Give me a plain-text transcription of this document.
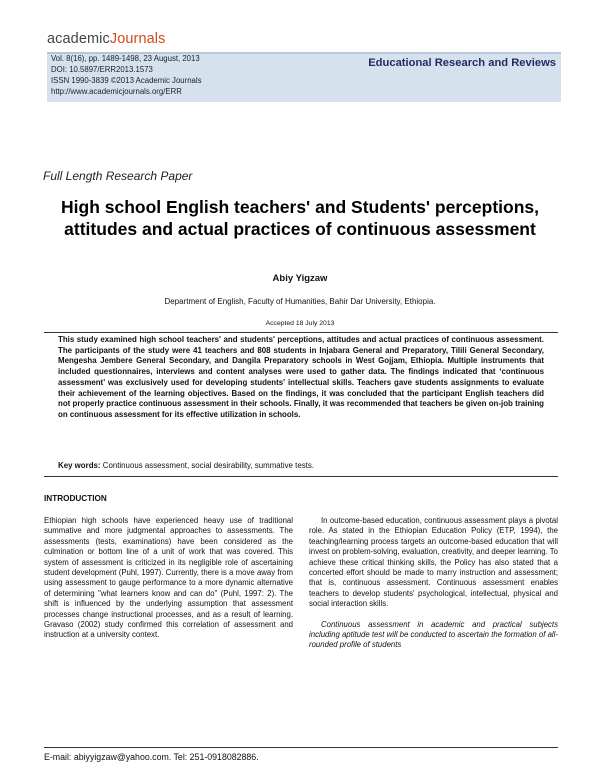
academicJournals
Vol. 8(16), pp. 1489-1498, 23 August, 2013
DOI: 10.5897/ERR2013.1573
ISSN 1990-3839 ©2013 Academic Journals
http://www.academicjournals.org/ERR
Educational Research and Reviews
Full Length Research Paper
High school English teachers' and Students' perceptions, attitudes and actual practices of continuous assessment
Abiy Yigzaw
Department of English, Faculty of Humanities, Bahir Dar University, Ethiopia.
Accepted 18 July 2013
This study examined high school teachers' and students' perceptions, attitudes and actual practices of continuous assessment. The participants of the study were 41 teachers and 808 students in Injabara General and Preparatory, Tilili General Secondary, Mengesha Jembere General Secondary, and Dangila Preparatory schools in West Gojjam, Ethiopia. Multiple instruments that included questionnaires, interviews and content analyses were used to gather data. The findings indicated that ‘continuous assessment’ was exclusively used for developing students' intellectual skills. Teachers gave students assignments to evaluate their achievement of the learning objectives. Based on the findings, it was concluded that the participant English teachers did not properly practice continuous assessment in their schools. Finally, it was recommended that teachers be given on-job training on continuous assessment for its effective utilization in schools.
Key words: Continuous assessment, social desirability, summative tests.
INTRODUCTION

Ethiopian high schools have experienced heavy use of traditional summative and more judgmental approaches to assessments. The assessments (tests, examinations) have been considered as the culmination or bottom line of a unit of work that was covered. This system of assessment is criticized in its negligible role of ascertaining student development (Puhl, 1997). Currently, there is a move away from using assessment to gauge performance to a more dynamic alternative of determining "what learners know and can do" (Puhl, 1997: 2). The shift is influenced by the underlying assumption that assessment processes change instructional processes, and as a result of learning. Gravaso (2002) study confirmed this correlation of assessment and instruction at a university context.

In outcome-based education, continuous assessment plays a pivotal role. As stated in the Ethiopian Education Policy (ETP, 1994), the teaching/learning process targets an outcome-based education that will invest on problem-solving, evaluation, creativity, and deeper learning. To achieve these critical thinking skills, the Policy has also stated that a concerted effort should be made to marry instruction and assessment; that is, continuous assessment. Continuous assessment enables teachers to develop students' psychological, intellectual, physical and social interaction skills.

Continuous assessment in academic and practical subjects including aptitude test will be conducted to ascertain the formation of all-rounded profile of students

E-mail: abiyyigzaw@yahoo.com. Tel: 251-0918082886.
